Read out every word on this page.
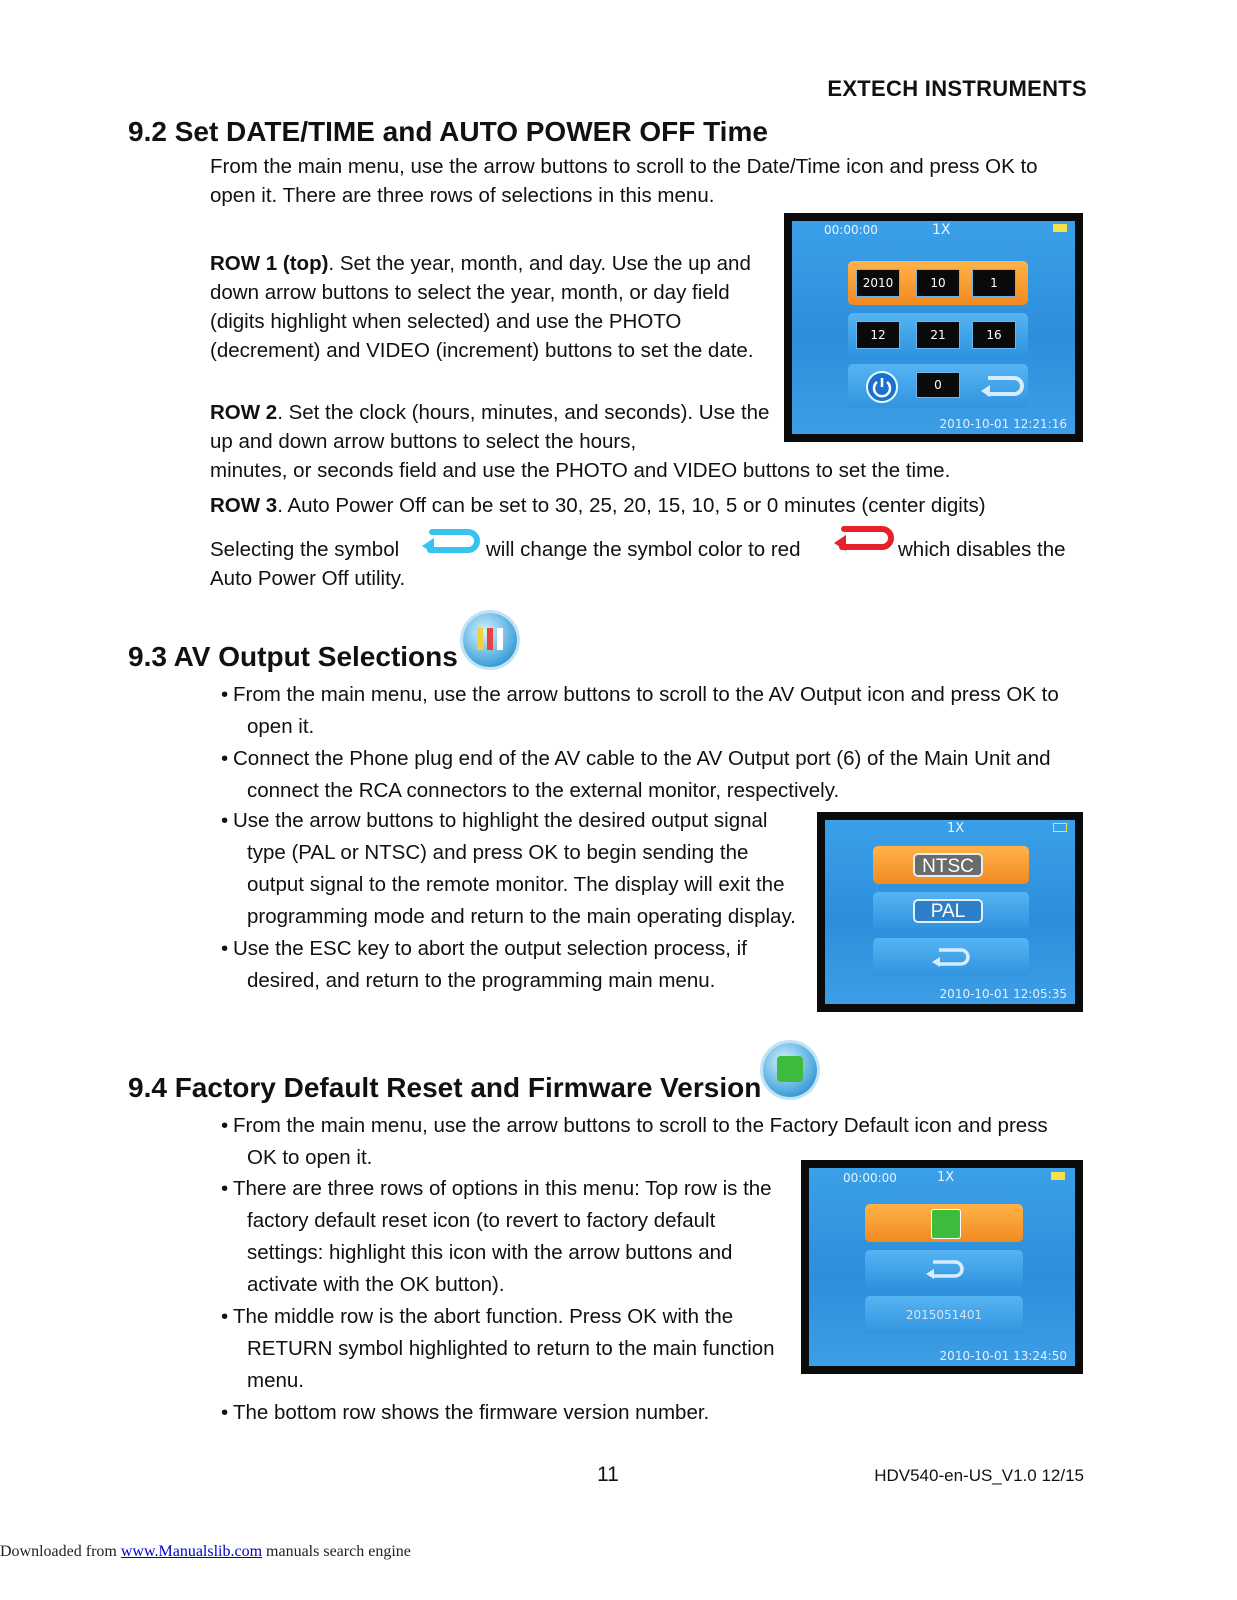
EXTECH INSTRUMENTS
9.2 Set DATE/TIME and AUTO POWER OFF Time

From the main menu, use the arrow buttons to scroll to the Date/Time icon and press OK to open it. There are three rows of selections in this menu.

ROW 1 (top). Set the year, month, and day. Use the up and down arrow buttons to select the year, month, or day field (digits highlight when selected) and use the PHOTO (decrement) and VIDEO (increment) buttons to set the date.

ROW 2. Set the clock (hours, minutes, and seconds). Use the up and down arrow buttons to select the hours,

minutes, or seconds field and use the PHOTO and VIDEO buttons to set the time.

ROW 3. Auto Power Off can be set to 30, 25, 20, 15, 10, 5 or 0 minutes (center digits)

Selecting the symbol	will change the symbol color to red	which disables the
Auto Power Off utility.
00:00:00	1X
2010	10	1
12	21	16
0
2010-10-01 12:21:16
9.3 AV Output Selections
• From the main menu, use the arrow buttons to scroll to the AV Output icon and press OK to open it.
• Connect the Phone plug end of the AV cable to the AV Output port (6) of the Main Unit and connect the RCA connectors to the external monitor, respectively.
• Use the arrow buttons to highlight the desired output signal type (PAL or NTSC) and press OK to begin sending the output signal to the remote monitor. The display will exit the programming mode and return to the main operating display.
• Use the ESC key to abort the output selection process, if desired, and return to the programming main menu.
1X
NTSC
PAL
2010-10-01 12:05:35
9.4 Factory Default Reset and Firmware Version
• From the main menu, use the arrow buttons to scroll to the Factory Default icon and press OK to open it.
• There are three rows of options in this menu: Top row is the factory default reset icon (to revert to factory default settings: highlight this icon with the arrow buttons and activate with the OK button).
• The middle row is the abort function. Press OK with the RETURN symbol highlighted to return to the main function menu.
• The bottom row shows the firmware version number.
00:00:00	1X
2015051401
2010-10-01 13:24:50
11	HDV540-en-US_V1.0 12/15
Downloaded from www.Manualslib.com manuals search engine
